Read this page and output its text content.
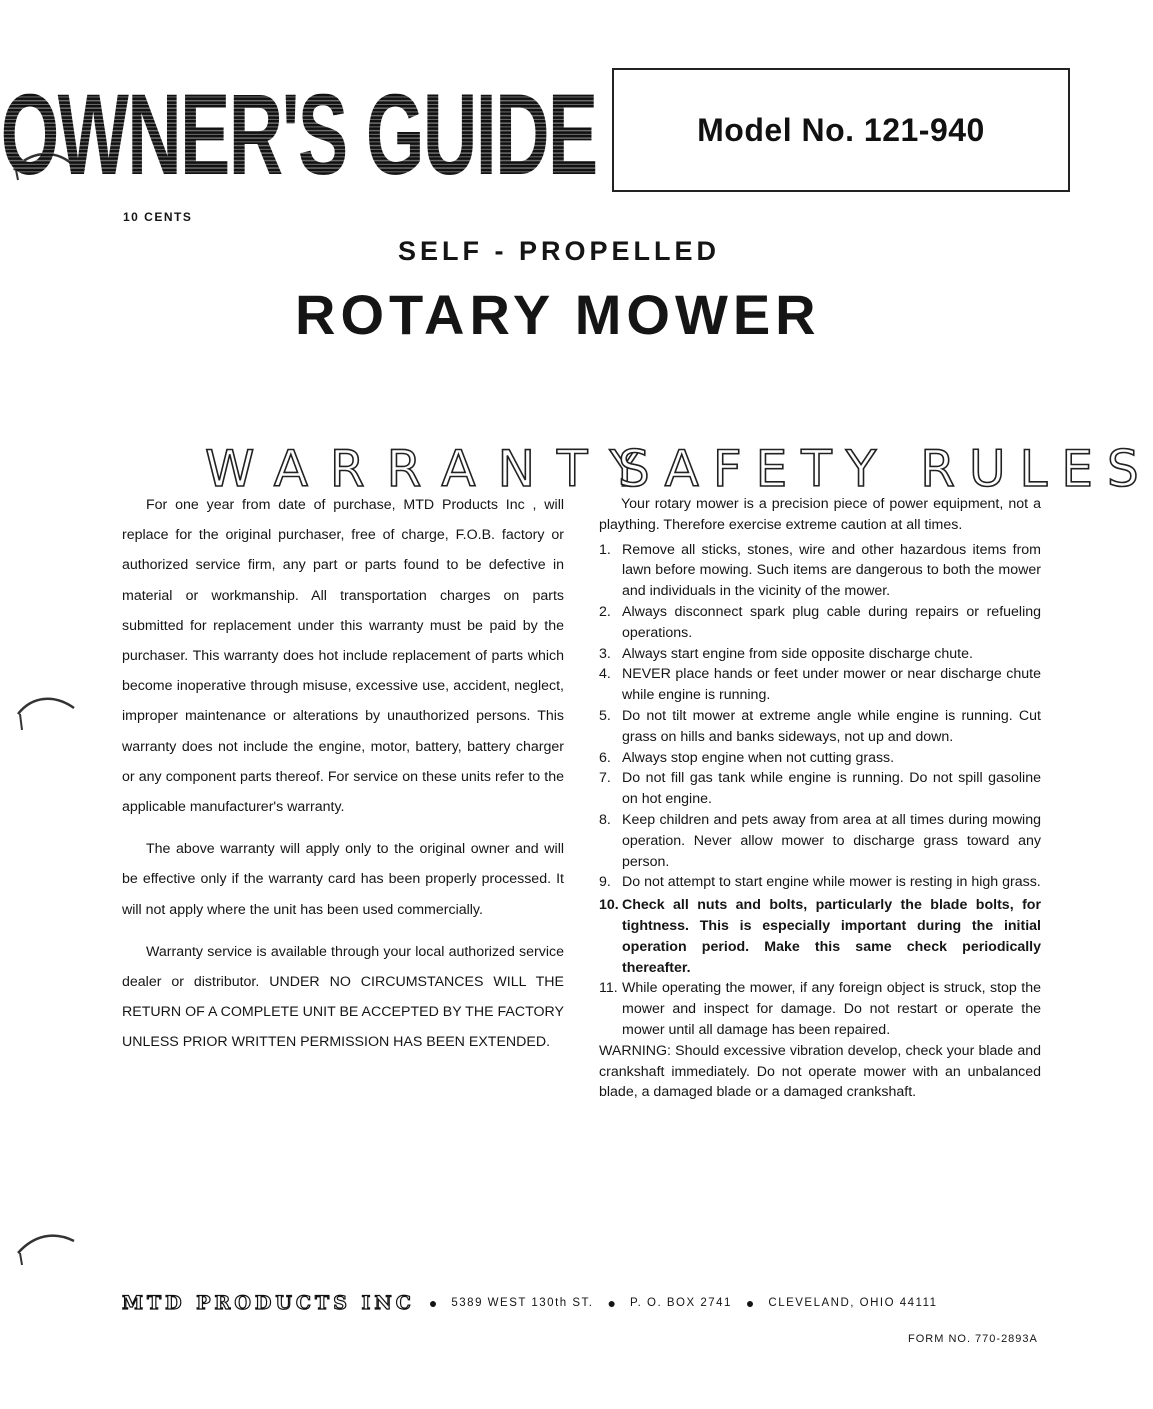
OWNER'S GUIDE	Model No. 121-940
10 CENTS
SELF - PROPELLED
ROTARY MOWER
WARRANTY

For one year from date of purchase, MTD Products Inc , will replace for the original purchaser, free of charge, F.O.B. factory or authorized service firm, any part or parts found to be defective in material or workmanship. All transportation charges on parts submitted for replacement under this warranty must be paid by the purchaser. This warranty does hot include replacement of parts which become inoperative through misuse, excessive use, accident, neglect, improper maintenance or alterations by unauthorized persons. This warranty does not include the engine, motor, battery, battery charger or any component parts thereof. For service on these units refer to the applicable manufacturer's warranty.

The above warranty will apply only to the original owner and will be effective only if the warranty card has been properly processed. It will not apply where the unit has been used commercially.

Warranty service is available through your local authorized service dealer or distributor. UNDER NO CIRCUMSTANCES WILL THE RETURN OF A COMPLETE UNIT BE ACCEPTED BY THE FACTORY UNLESS PRIOR WRITTEN PERMISSION HAS BEEN EXTENDED.

SAFETY RULES

Your rotary mower is a precision piece of power equipment, not a plaything. Therefore exercise extreme caution at all times.

1. Remove all sticks, stones, wire and other hazardous items from lawn before mowing. Such items are dangerous to both the mower and individuals in the vicinity of the mower.
2. Always disconnect spark plug cable during repairs or refueling operations.
3. Always start engine from side opposite discharge chute.
4. NEVER place hands or feet under mower or near discharge chute while engine is running.
5. Do not tilt mower at extreme angle while engine is running. Cut grass on hills and banks sideways, not up and down.
6. Always stop engine when not cutting grass.
7. Do not fill gas tank while engine is running. Do not spill gasoline on hot engine.
8. Keep children and pets away from area at all times during mowing operation. Never allow mower to discharge grass toward any person.
9. Do not attempt to start engine while mower is resting in high grass.
10. Check all nuts and bolts, particularly the blade bolts, for tightness. This is especially important during the initial operation period. Make this same check periodically thereafter.
11. While operating the mower, if any foreign object is struck, stop the mower and inspect for damage. Do not restart or operate the mower until all damage has been repaired.

WARNING: Should excessive vibration develop, check your blade and crankshaft immediately. Do not operate mower with an unbalanced blade, a damaged blade or a damaged crankshaft.

MTD PRODUCTS INC ● 5389 WEST 130th ST. ● P. O. BOX 2741 ● CLEVELAND, OHIO 44111
FORM NO. 770-2893A
